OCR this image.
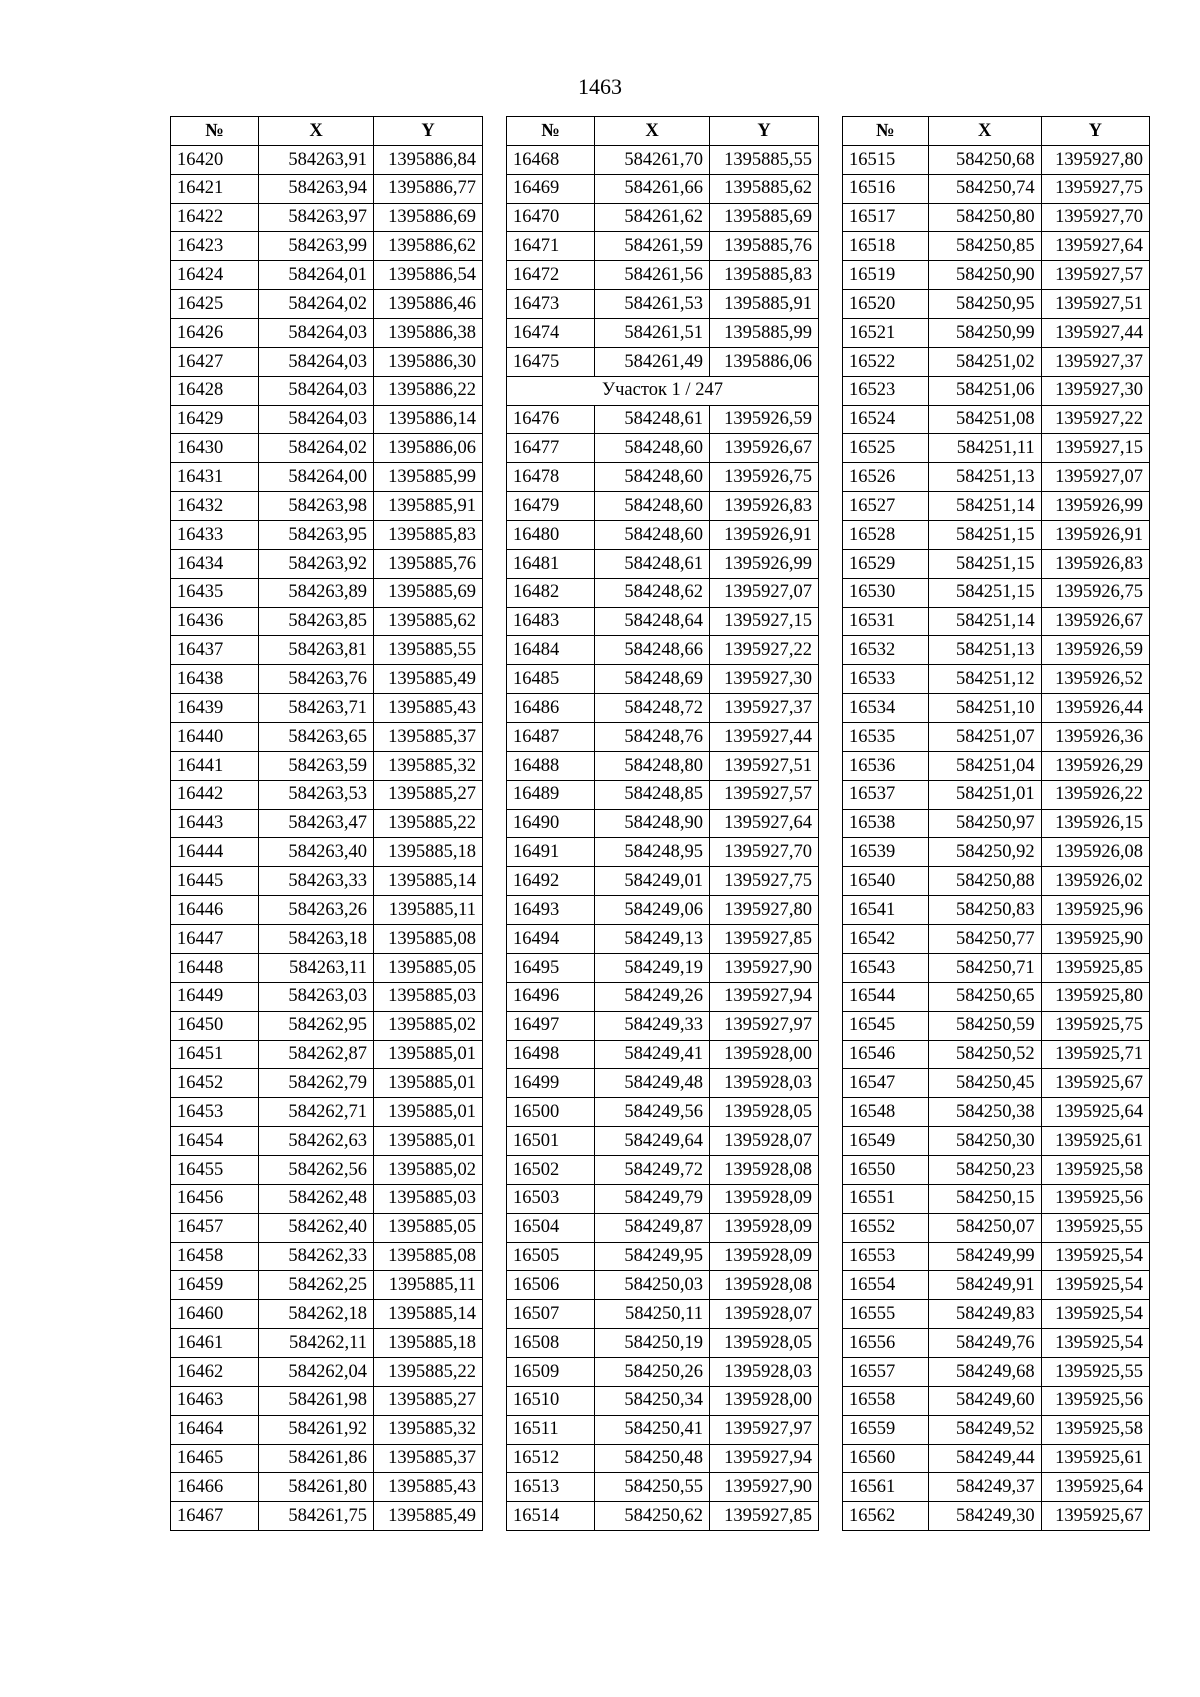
1463
№	X	Y
16420	584263,91	1395886,84
16421	584263,94	1395886,77
16422	584263,97	1395886,69
16423	584263,99	1395886,62
16424	584264,01	1395886,54
16425	584264,02	1395886,46
16426	584264,03	1395886,38
16427	584264,03	1395886,30
16428	584264,03	1395886,22
16429	584264,03	1395886,14
16430	584264,02	1395886,06
16431	584264,00	1395885,99
16432	584263,98	1395885,91
16433	584263,95	1395885,83
16434	584263,92	1395885,76
16435	584263,89	1395885,69
16436	584263,85	1395885,62
16437	584263,81	1395885,55
16438	584263,76	1395885,49
16439	584263,71	1395885,43
16440	584263,65	1395885,37
16441	584263,59	1395885,32
16442	584263,53	1395885,27
16443	584263,47	1395885,22
16444	584263,40	1395885,18
16445	584263,33	1395885,14
16446	584263,26	1395885,11
16447	584263,18	1395885,08
16448	584263,11	1395885,05
16449	584263,03	1395885,03
16450	584262,95	1395885,02
16451	584262,87	1395885,01
16452	584262,79	1395885,01
16453	584262,71	1395885,01
16454	584262,63	1395885,01
16455	584262,56	1395885,02
16456	584262,48	1395885,03
16457	584262,40	1395885,05
16458	584262,33	1395885,08
16459	584262,25	1395885,11
16460	584262,18	1395885,14
16461	584262,11	1395885,18
16462	584262,04	1395885,22
16463	584261,98	1395885,27
16464	584261,92	1395885,32
16465	584261,86	1395885,37
16466	584261,80	1395885,43
16467	584261,75	1395885,49
№	X	Y
16468	584261,70	1395885,55
16469	584261,66	1395885,62
16470	584261,62	1395885,69
16471	584261,59	1395885,76
16472	584261,56	1395885,83
16473	584261,53	1395885,91
16474	584261,51	1395885,99
16475	584261,49	1395886,06
Участок 1 / 247		
16476	584248,61	1395926,59
16477	584248,60	1395926,67
16478	584248,60	1395926,75
16479	584248,60	1395926,83
16480	584248,60	1395926,91
16481	584248,61	1395926,99
16482	584248,62	1395927,07
16483	584248,64	1395927,15
16484	584248,66	1395927,22
16485	584248,69	1395927,30
16486	584248,72	1395927,37
16487	584248,76	1395927,44
16488	584248,80	1395927,51
16489	584248,85	1395927,57
16490	584248,90	1395927,64
16491	584248,95	1395927,70
16492	584249,01	1395927,75
16493	584249,06	1395927,80
16494	584249,13	1395927,85
16495	584249,19	1395927,90
16496	584249,26	1395927,94
16497	584249,33	1395927,97
16498	584249,41	1395928,00
16499	584249,48	1395928,03
16500	584249,56	1395928,05
16501	584249,64	1395928,07
16502	584249,72	1395928,08
16503	584249,79	1395928,09
16504	584249,87	1395928,09
16505	584249,95	1395928,09
16506	584250,03	1395928,08
16507	584250,11	1395928,07
16508	584250,19	1395928,05
16509	584250,26	1395928,03
16510	584250,34	1395928,00
16511	584250,41	1395927,97
16512	584250,48	1395927,94
16513	584250,55	1395927,90
16514	584250,62	1395927,85
№	X	Y
16515	584250,68	1395927,80
16516	584250,74	1395927,75
16517	584250,80	1395927,70
16518	584250,85	1395927,64
16519	584250,90	1395927,57
16520	584250,95	1395927,51
16521	584250,99	1395927,44
16522	584251,02	1395927,37
16523	584251,06	1395927,30
16524	584251,08	1395927,22
16525	584251,11	1395927,15
16526	584251,13	1395927,07
16527	584251,14	1395926,99
16528	584251,15	1395926,91
16529	584251,15	1395926,83
16530	584251,15	1395926,75
16531	584251,14	1395926,67
16532	584251,13	1395926,59
16533	584251,12	1395926,52
16534	584251,10	1395926,44
16535	584251,07	1395926,36
16536	584251,04	1395926,29
16537	584251,01	1395926,22
16538	584250,97	1395926,15
16539	584250,92	1395926,08
16540	584250,88	1395926,02
16541	584250,83	1395925,96
16542	584250,77	1395925,90
16543	584250,71	1395925,85
16544	584250,65	1395925,80
16545	584250,59	1395925,75
16546	584250,52	1395925,71
16547	584250,45	1395925,67
16548	584250,38	1395925,64
16549	584250,30	1395925,61
16550	584250,23	1395925,58
16551	584250,15	1395925,56
16552	584250,07	1395925,55
16553	584249,99	1395925,54
16554	584249,91	1395925,54
16555	584249,83	1395925,54
16556	584249,76	1395925,54
16557	584249,68	1395925,55
16558	584249,60	1395925,56
16559	584249,52	1395925,58
16560	584249,44	1395925,61
16561	584249,37	1395925,64
16562	584249,30	1395925,67
